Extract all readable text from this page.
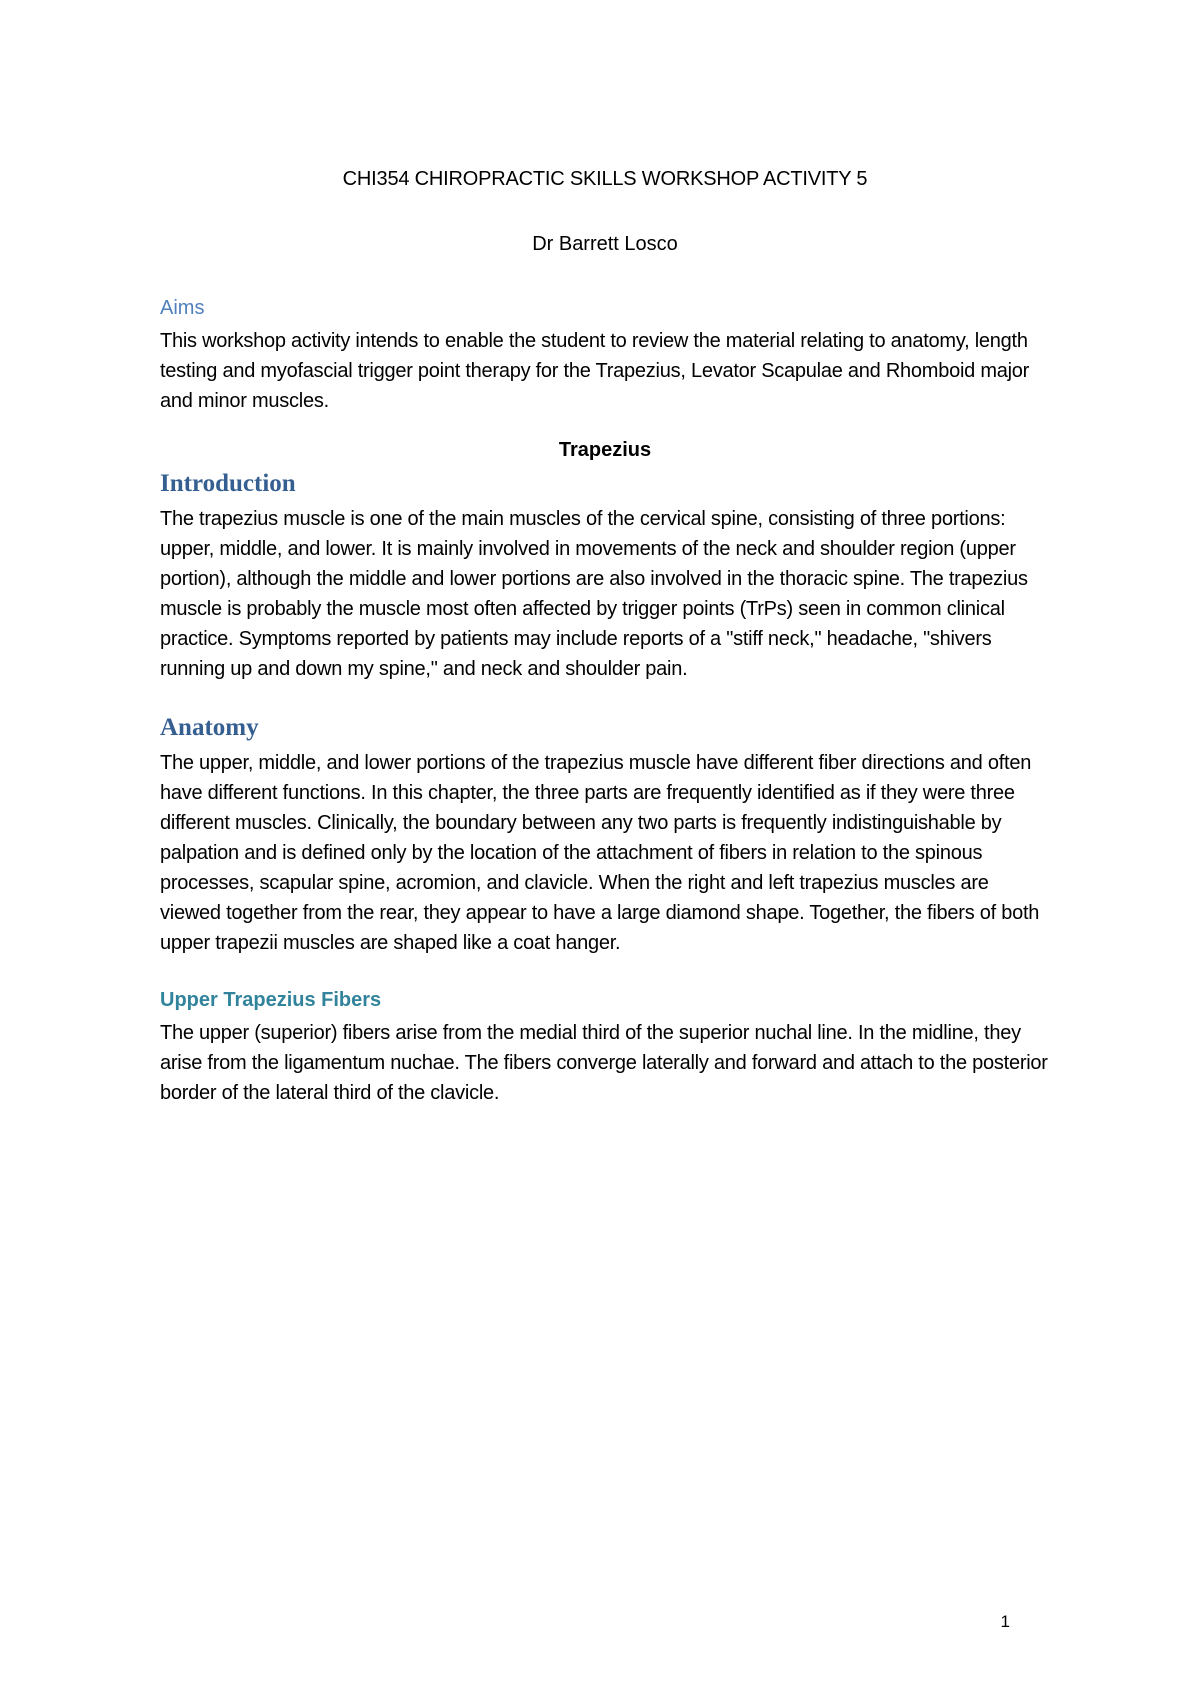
CHI354 CHIROPRACTIC SKILLS WORKSHOP ACTIVITY 5
Dr Barrett Losco
Aims

This workshop activity intends to enable the student to review the material relating to anatomy, length testing and myofascial trigger point therapy for the Trapezius, Levator Scapulae and Rhomboid major and minor muscles.

Trapezius
Introduction

The trapezius muscle is one of the main muscles of the cervical spine, consisting of three portions: upper, middle, and lower. It is mainly involved in movements of the neck and shoulder region (upper portion), although the middle and lower portions are also involved in the thoracic spine. The trapezius muscle is probably the muscle most often affected by trigger points (TrPs) seen in common clinical practice. Symptoms reported by patients may include reports of a "stiff neck," headache, "shivers running up and down my spine," and neck and shoulder pain.

Anatomy

The upper, middle, and lower portions of the trapezius muscle have different fiber directions and often have different functions. In this chapter, the three parts are frequently identified as if they were three different muscles. Clinically, the boundary between any two parts is frequently indistinguishable by palpation and is defined only by the location of the attachment of fibers in relation to the spinous processes, scapular spine, acromion, and clavicle. When the right and left trapezius muscles are viewed together from the rear, they appear to have a large diamond shape. Together, the fibers of both upper trapezii muscles are shaped like a coat hanger.

Upper Trapezius Fibers

The upper (superior) fibers arise from the medial third of the superior nuchal line. In the midline, they arise from the ligamentum nuchae. The fibers converge laterally and forward and attach to the posterior border of the lateral third of the clavicle.

1
